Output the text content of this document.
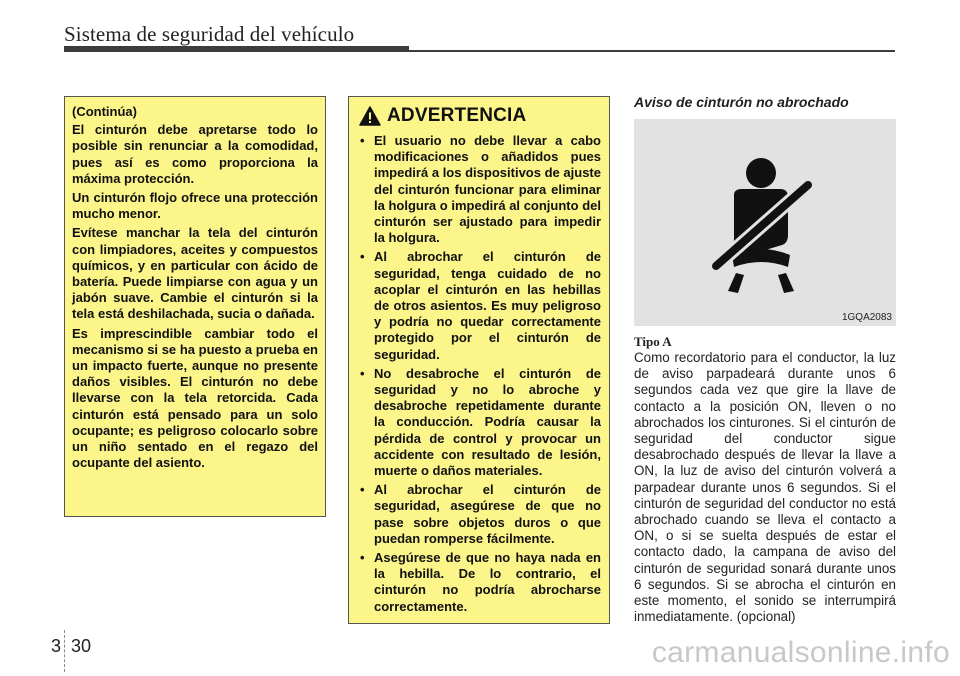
Sistema de seguridad del vehículo
(Continúa)
El cinturón debe apretarse todo lo posible sin renunciar a la comodidad, pues así es como proporciona la máxima protección.
Un cinturón flojo ofrece una protección mucho menor.
Evítese manchar la tela del cinturón con limpiadores, aceites y compuestos químicos, y en particular con ácido de batería. Puede limpiarse con agua y un jabón suave. Cambie el cinturón si la tela está deshilachada, sucia o dañada.
Es imprescindible cambiar todo el mecanismo si se ha puesto a prueba en un impacto fuerte, aunque no presente daños visibles. El cinturón no debe llevarse con la tela retorcida. Cada cinturón está pensado para un solo ocupante; es peligroso colocarlo sobre un niño sentado en el regazo del ocupante del asiento.
ADVERTENCIA
• El usuario no debe llevar a cabo modificaciones o añadidos pues impedirá a los dispositivos de ajuste del cinturón funcionar para eliminar la holgura o impedirá al conjunto del cinturón ser ajustado para impedir la holgura.
• Al abrochar el cinturón de seguridad, tenga cuidado de no acoplar el cinturón en las hebillas de otros asientos. Es muy peligroso y podría no quedar correctamente protegido por el cinturón de seguridad.
• No desabroche el cinturón de seguridad y no lo abroche y desabroche repetidamente durante la conducción. Podría causar la pérdida de control y provocar un accidente con resultado de lesión, muerte o daños materiales.
• Al abrochar el cinturón de seguridad, asegúrese de que no pase sobre objetos duros o que puedan romperse fácilmente.
• Asegúrese de que no haya nada en la hebilla. De lo contrario, el cinturón no podría abrocharse correctamente.
Aviso de cinturón no abrochado
1GQA2083
Tipo A
Como recordatorio para el conductor, la luz de aviso parpadeará durante unos 6 segundos cada vez que gire la llave de contacto a la posición ON, lleven o no abrochados los cinturones. Si el cinturón de seguridad del conductor sigue desabrochado después de llevar la llave a ON, la luz de aviso del cinturón volverá a parpadear durante unos 6 segundos. Si el cinturón de seguridad del conductor no está abrochado cuando se lleva el contacto a ON, o si se suelta después de estar el contacto dado, la campana de aviso del cinturón de seguridad sonará durante unos 6 segundos. Si se abrocha el cinturón en este momento, el sonido se interrumpirá inmediatamente. (opcional)
3 30	carmanualsonline.info
